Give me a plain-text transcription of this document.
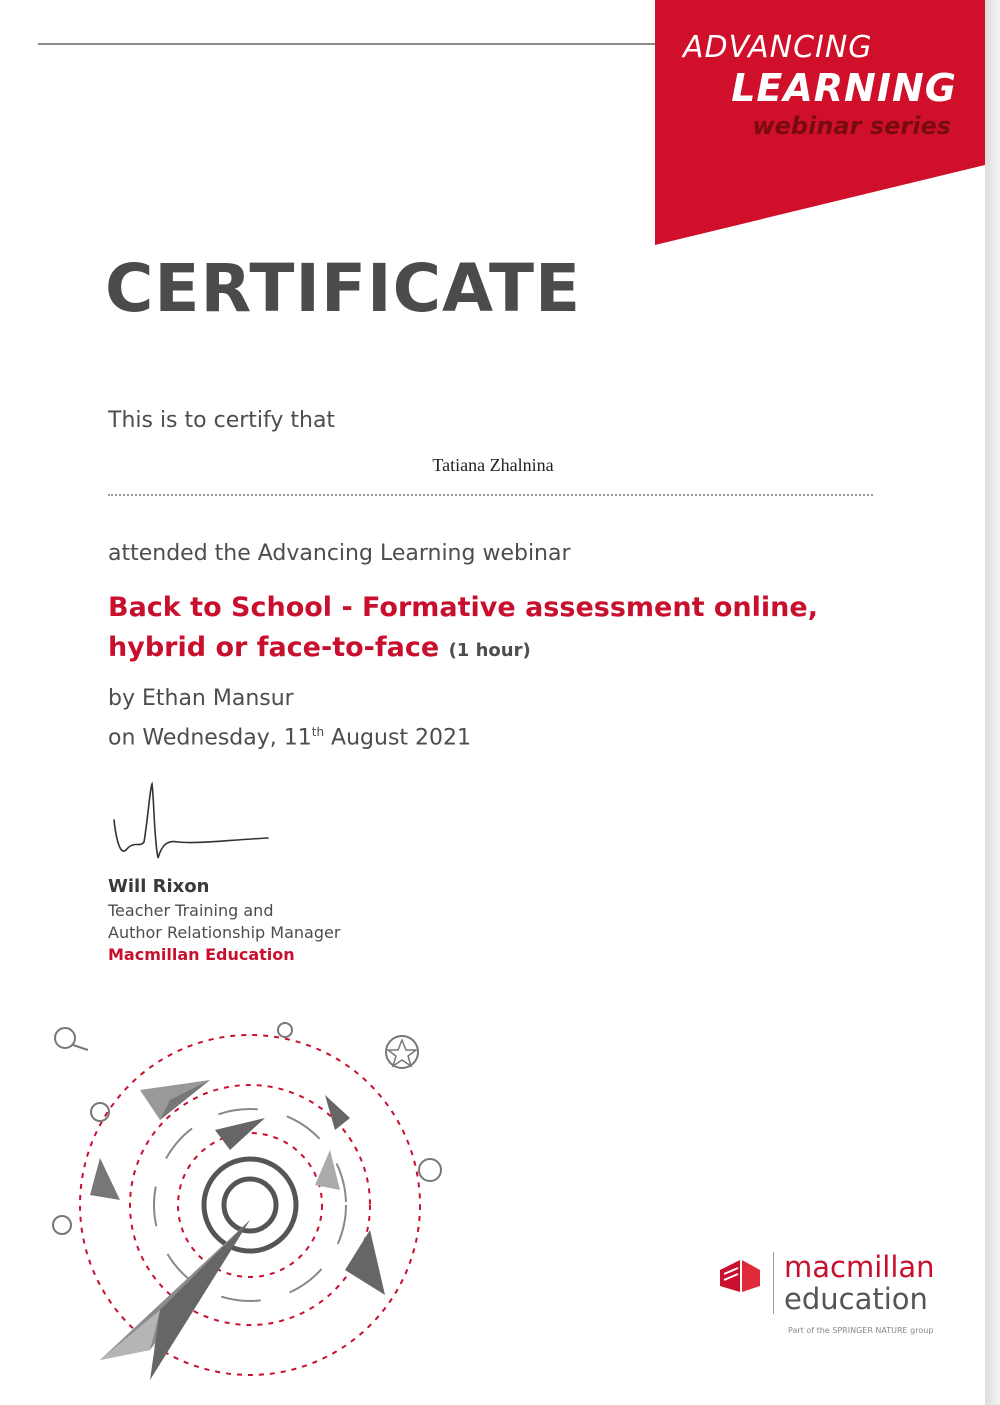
ADVANCING
LEARNING
webinar series
CERTIFICATE
This is to certify that
Tatiana Zhalnina
attended the Advancing Learning webinar
Back to School - Formative assessment online, hybrid or face-to-face (1 hour)
by Ethan Mansur
on Wednesday, 11th August 2021
Will Rixon
Teacher Training and
Author Relationship Manager
Macmillan Education
macmillan
education
Part of the SPRINGER NATURE group
